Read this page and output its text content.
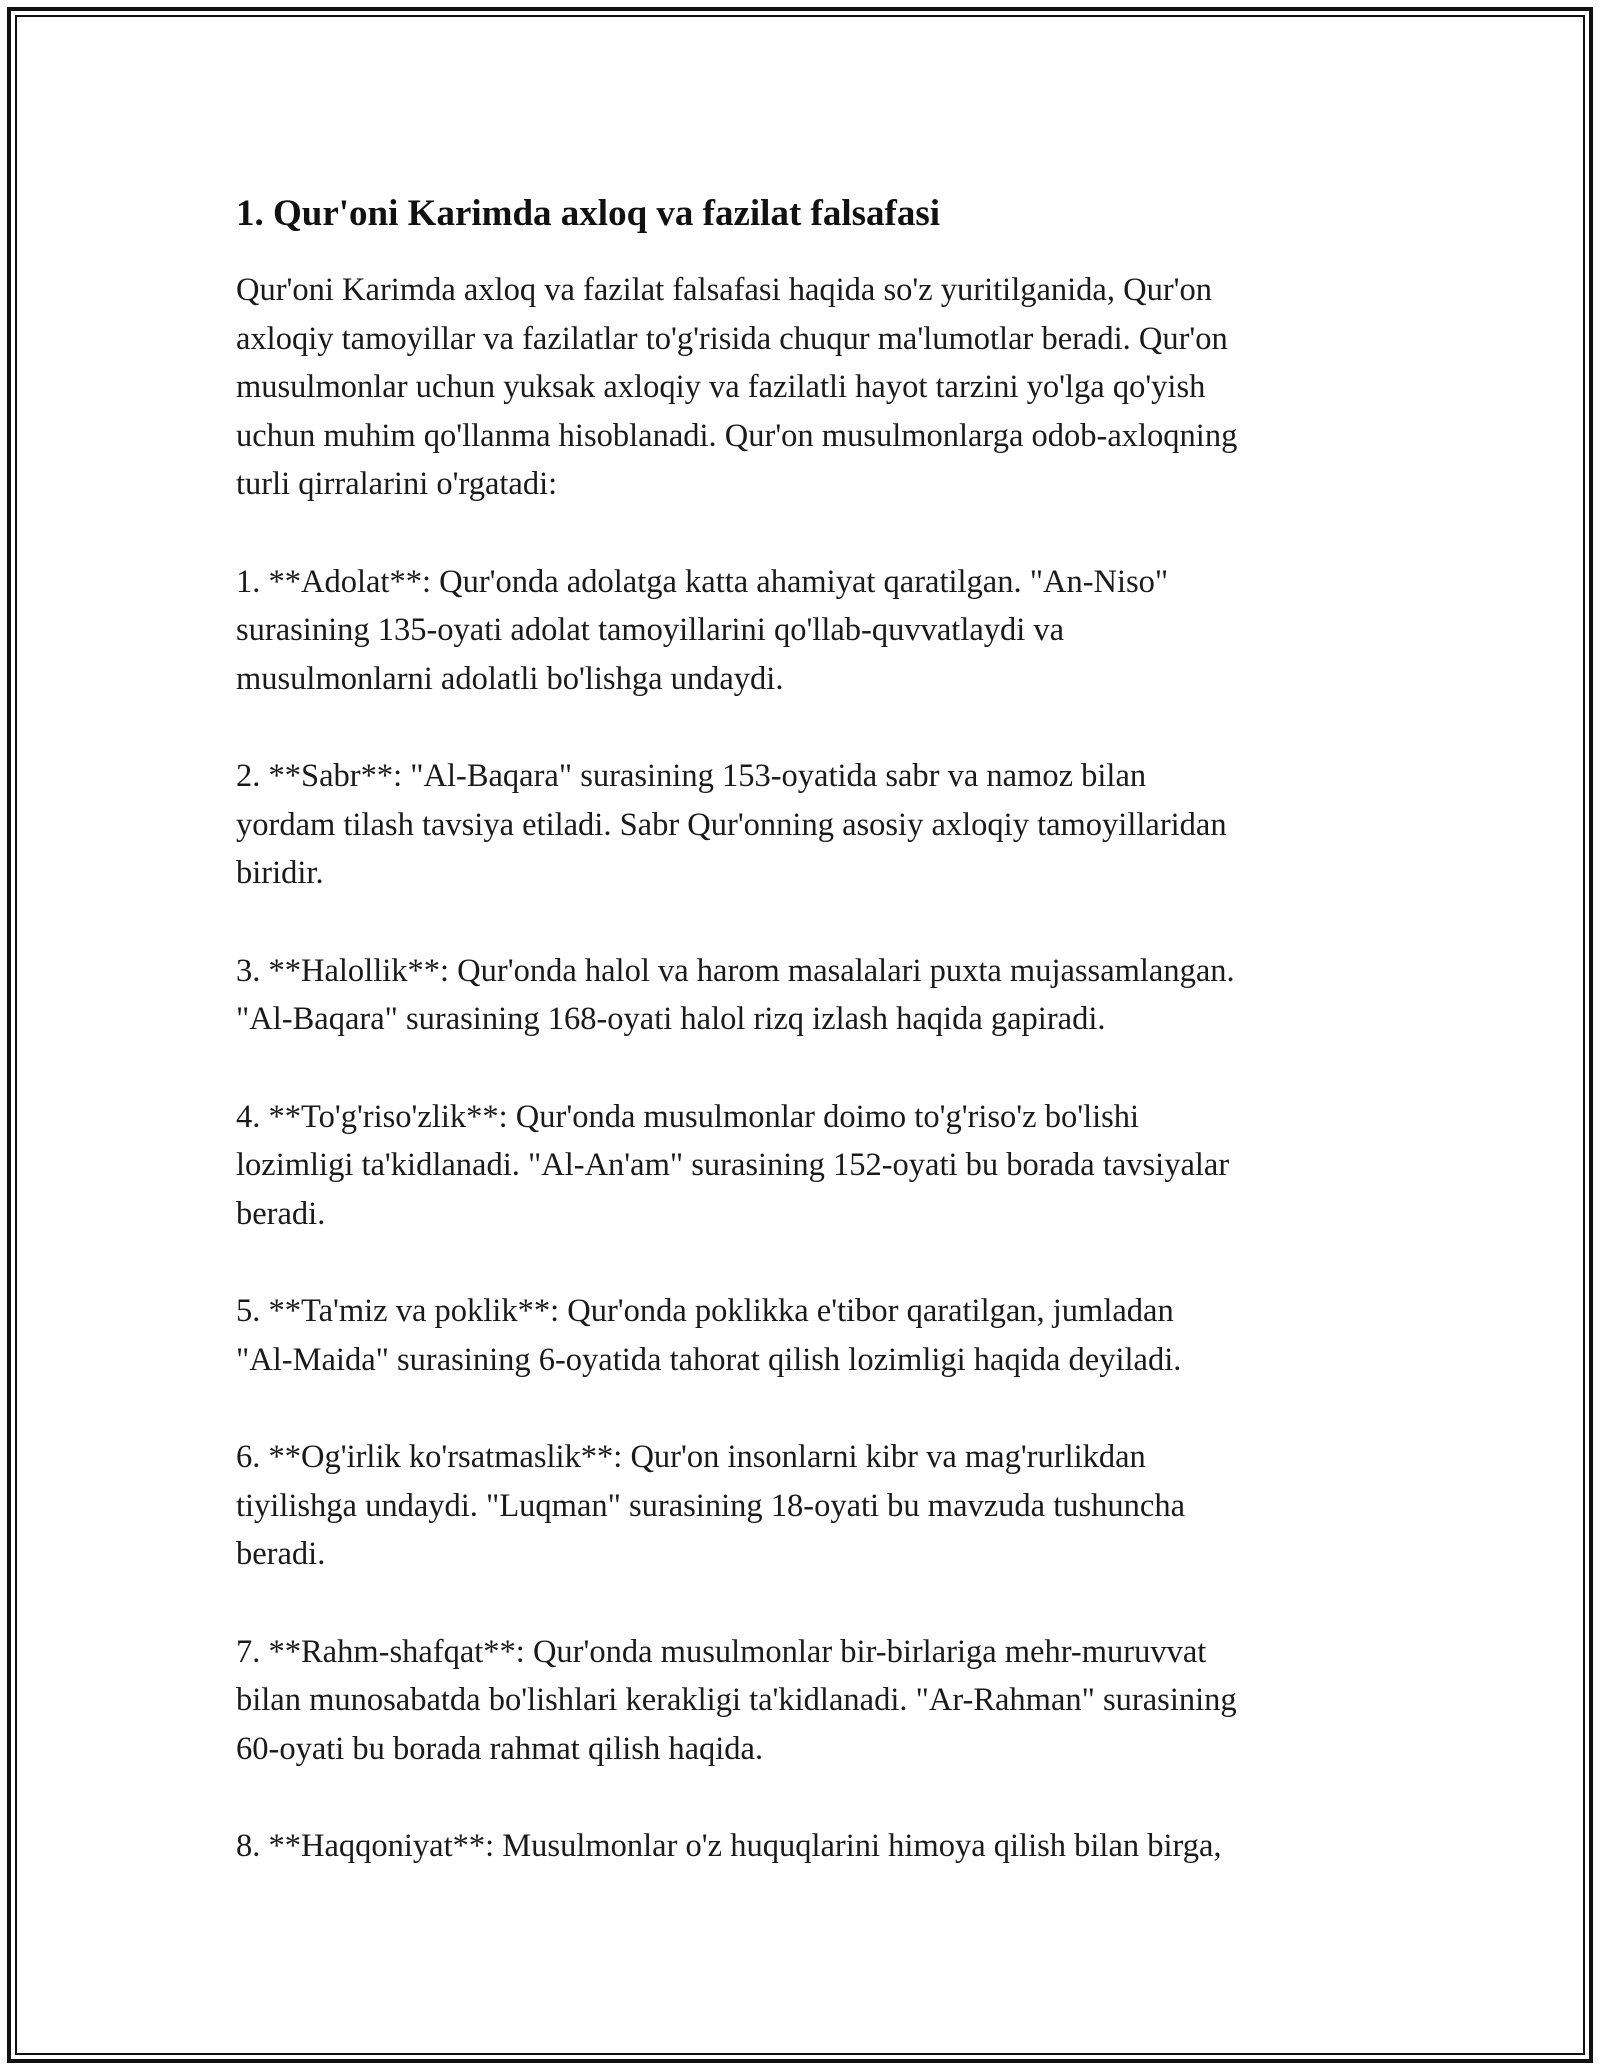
1. Qur'oni Karimda axloq va fazilat falsafasi

Qur'oni Karimda axloq va fazilat falsafasi haqida so'z yuritilganida, Qur'on
axloqiy tamoyillar va fazilatlar to'g'risida chuqur ma'lumotlar beradi. Qur'on
musulmonlar uchun yuksak axloqiy va fazilatli hayot tarzini yo'lga qo'yish
uchun muhim qo'llanma hisoblanadi. Qur'on musulmonlarga odob-axloqning
turli qirralarini o'rgatadi:

1. **Adolat**: Qur'onda adolatga katta ahamiyat qaratilgan. "An-Niso"
surasining 135-oyati adolat tamoyillarini qo'llab-quvvatlaydi va
musulmonlarni adolatli bo'lishga undaydi.

2. **Sabr**: "Al-Baqara" surasining 153-oyatida sabr va namoz bilan
yordam tilash tavsiya etiladi. Sabr Qur'onning asosiy axloqiy tamoyillaridan
biridir.

3. **Halollik**: Qur'onda halol va harom masalalari puxta mujassamlangan.
"Al-Baqara" surasining 168-oyati halol rizq izlash haqida gapiradi.

4. **To'g'riso'zlik**: Qur'onda musulmonlar doimo to'g'riso'z bo'lishi
lozimligi ta'kidlanadi. "Al-An'am" surasining 152-oyati bu borada tavsiyalar
beradi.

5. **Ta'miz va poklik**: Qur'onda poklikka e'tibor qaratilgan, jumladan
"Al-Maida" surasining 6-oyatida tahorat qilish lozimligi haqida deyiladi.

6. **Og'irlik ko'rsatmaslik**: Qur'on insonlarni kibr va mag'rurlikdan
tiyilishga undaydi. "Luqman" surasining 18-oyati bu mavzuda tushuncha
beradi.

7. **Rahm-shafqat**: Qur'onda musulmonlar bir-birlariga mehr-muruvvat
bilan munosabatda bo'lishlari kerakligi ta'kidlanadi. "Ar-Rahman" surasining
60-oyati bu borada rahmat qilish haqida.

8. **Haqqoniyat**: Musulmonlar o'z huquqlarini himoya qilish bilan birga,
